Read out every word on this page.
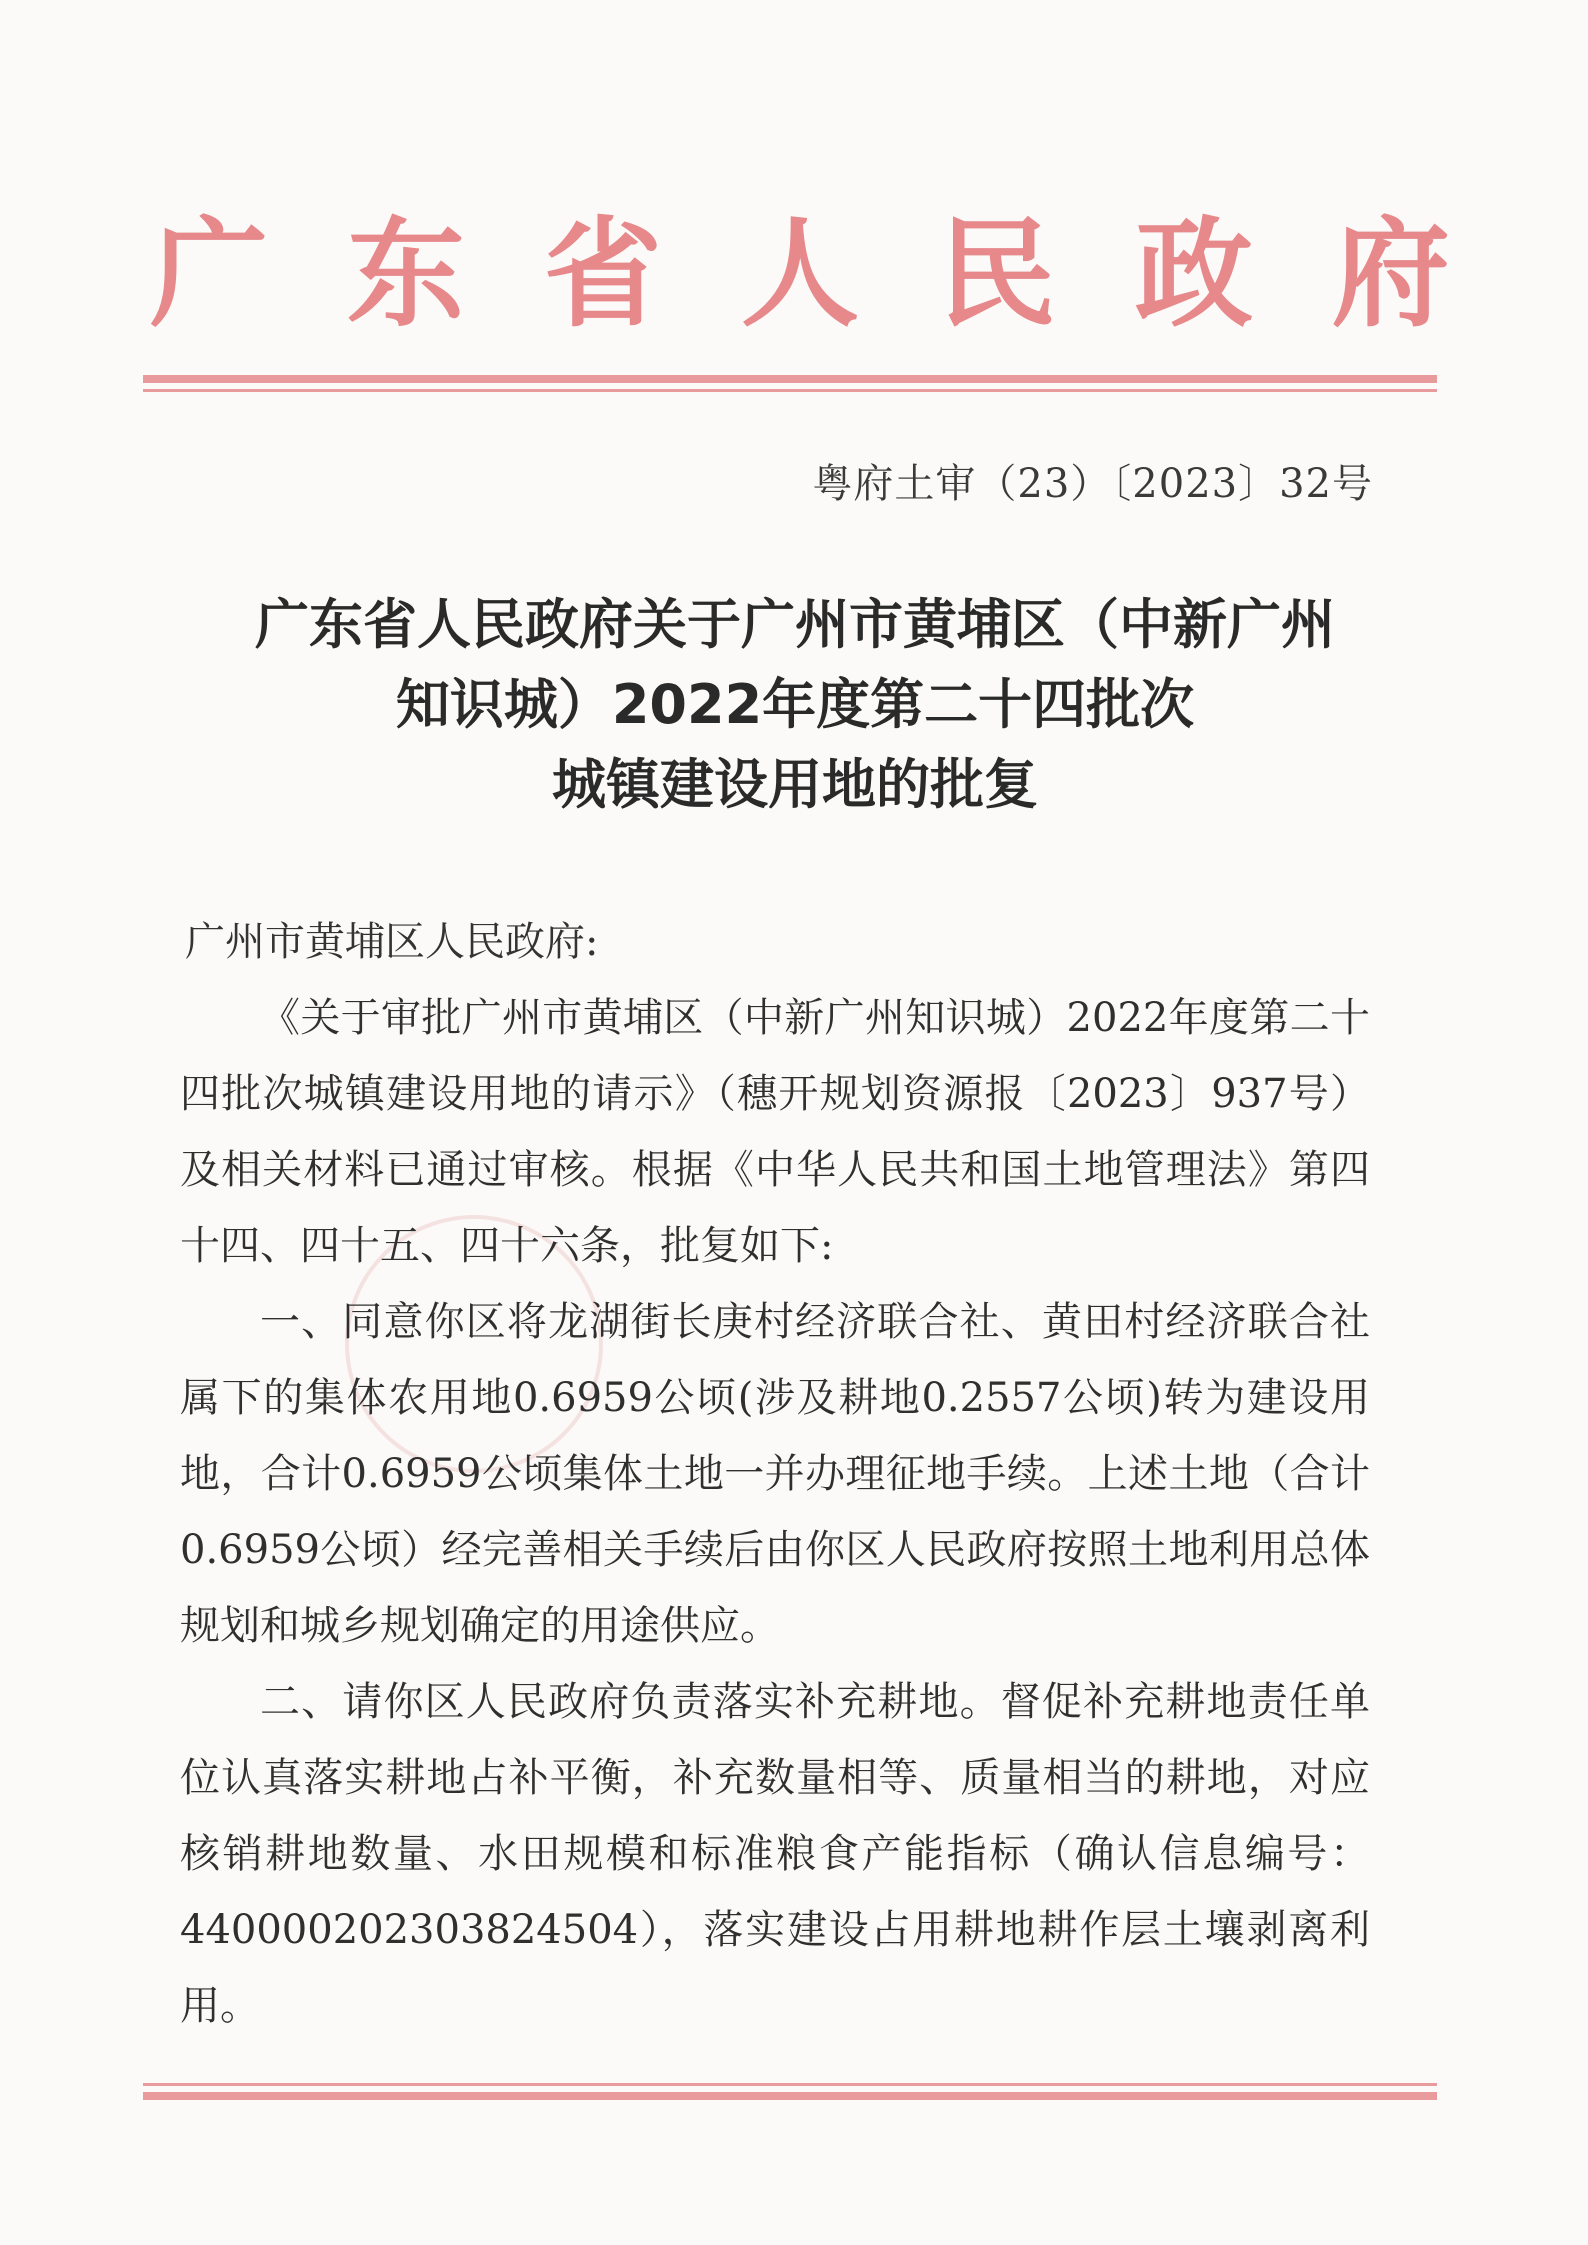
广 东 省 人 民 政 府
粤府土审（23）〔2023〕32号
广东省人民政府关于广州市黄埔区（中新广州
知识城）2022年度第二十四批次
城镇建设用地的批复
广州市黄埔区人民政府:

《关于审批广州市黄埔区（中新广州知识城）2022年度第二十四批次城镇建设用地的请示》（穗开规划资源报〔2023〕937号）及相关材料已通过审核。根据《中华人民共和国土地管理法》第四十四、四十五、四十六条，批复如下:

一、同意你区将龙湖街长庚村经济联合社、黄田村经济联合社属下的集体农用地0.6959公顷(涉及耕地0.2557公顷)转为建设用地，合计0.6959公顷集体土地一并办理征地手续。上述土地（合计0.6959公顷）经完善相关手续后由你区人民政府按照土地利用总体规划和城乡规划确定的用途供应。

二、请你区人民政府负责落实补充耕地。督促补充耕地责任单位认真落实耕地占补平衡，补充数量相等、质量相当的耕地，对应核销耕地数量、水田规模和标准粮食产能指标（确认信息编号：440000202303824504），落实建设占用耕地耕作层土壤剥离利用。
